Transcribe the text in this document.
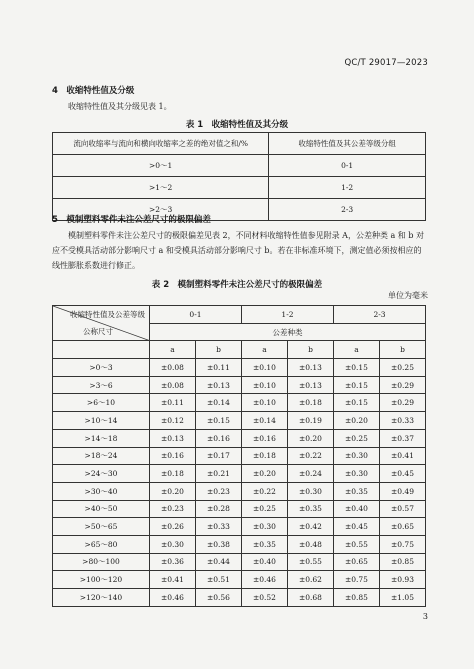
QC/T 29017—2023
4　收缩特性值及分级
收缩特性值及其分级见表 1。
表 1　收缩特性值及其分级
流向收缩率与流向和横向收缩率之差的绝对值之和/%	收缩特性值及其公差等级分组
>0～1	0-1
>1～2	1-2
>2～3	2-3
5　模制塑料零件未注公差尺寸的极限偏差
模制塑料零件未注公差尺寸的极限偏差见表 2，不同材料收缩特性值参见附录 A，公差种类 a 和 b 对应不受模具活动部分影响尺寸 a 和受模具活动部分影响尺寸 b。若在非标准环境下，测定值必须按相应的线性膨胀系数进行修正。
表 2　模制塑料零件未注公差尺寸的极限偏差
单位为毫米
收缩特性值及公差等级
公称尺寸	0-1		1-2		2-3	
	公差种类					
	a	b	a	b	a	b
>0～3	±0.08	±0.11	±0.10	±0.13	±0.15	±0.25
>3～6	±0.08	±0.13	±0.10	±0.13	±0.15	±0.29
>6～10	±0.11	±0.14	±0.10	±0.18	±0.15	±0.29
>10～14	±0.12	±0.15	±0.14	±0.19	±0.20	±0.33
>14～18	±0.13	±0.16	±0.16	±0.20	±0.25	±0.37
>18～24	±0.16	±0.17	±0.18	±0.22	±0.30	±0.41
>24～30	±0.18	±0.21	±0.20	±0.24	±0.30	±0.45
>30～40	±0.20	±0.23	±0.22	±0.30	±0.35	±0.49
>40～50	±0.23	±0.28	±0.25	±0.35	±0.40	±0.57
>50～65	±0.26	±0.33	±0.30	±0.42	±0.45	±0.65
>65～80	±0.30	±0.38	±0.35	±0.48	±0.55	±0.75
>80～100	±0.36	±0.44	±0.40	±0.55	±0.65	±0.85
>100～120	±0.41	±0.51	±0.46	±0.62	±0.75	±0.93
>120～140	±0.46	±0.56	±0.52	±0.68	±0.85	±1.05
3
